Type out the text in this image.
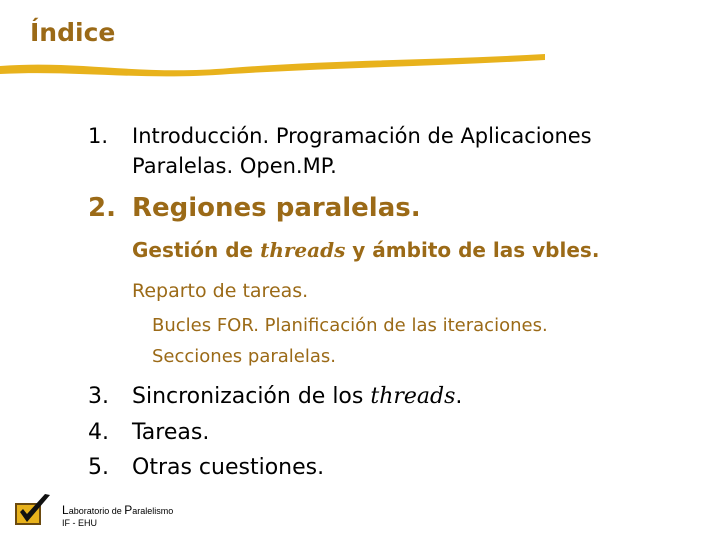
Índice
1. Introducción. Programación de Aplicaciones
Paralelas. Open.MP.
2. Regiones paralelas.
Gestión de threads y ámbito de las vbles.
Reparto de tareas.
Bucles FOR. Planificación de las iteraciones.
Secciones paralelas.
3. Sincronización de los threads.
4. Tareas.
5. Otras cuestiones.
Laboratorio de Paralelismo
IF - EHU
